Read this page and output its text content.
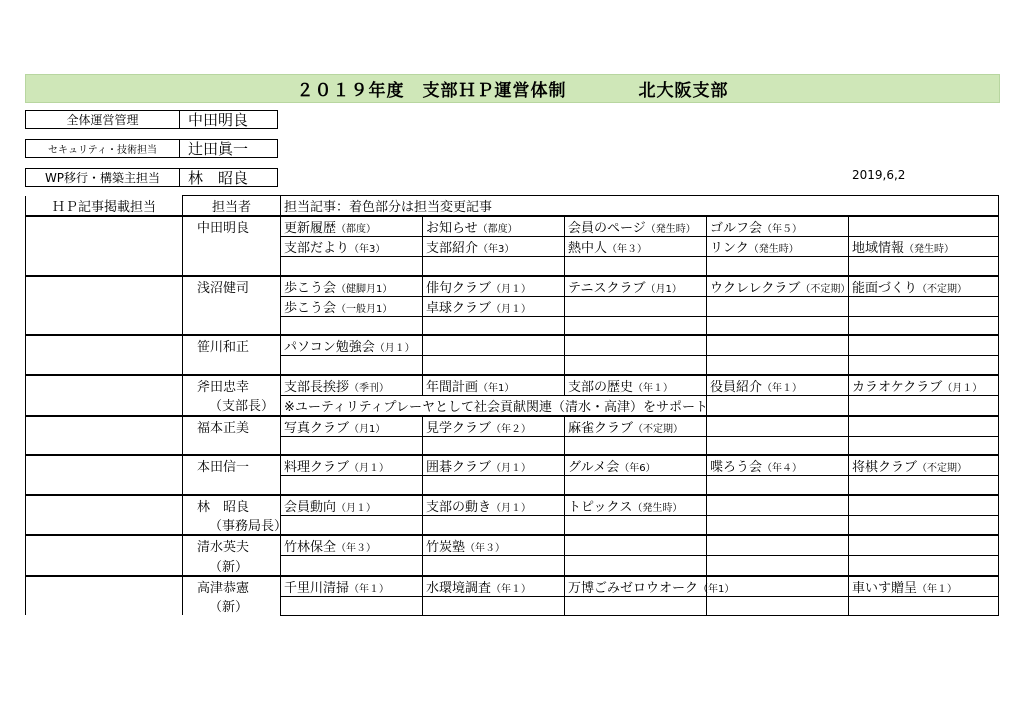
２０１９年度
　 支部ＨＰ運営体制
　　　　	北大阪支部
全体運営管理	中田明良
セキュリティ・技術担当	辻田眞一
WP移行・構築主担当	林　昭良	2019,6,2
ＨＰ記事掲載担当	担当者	担当記事：着色部分は担当変更記事				
	中田明良	更新履歴（都度）	お知らせ（都度）	会員のページ（発生時）	ゴルフ会（年５）	
		支部だより（年3）	支部紹介（年3）	熱中人（年３）	リンク（発生時）	地域情報（発生時）

	浅沼健司	歩こう会（健脚月1）	俳句クラブ（月１）	テニスクラブ（月1）	ウクレレクラブ（不定期）	能面づくり（不定期）
		歩こう会（一般月1）	卓球クラブ（月１）			

	笹川和正	パソコン勉強会（月１）				

	斧田忠幸	支部長挨拶（季刊）	年間計画（年1）	支部の歴史（年１）	役員紹介（年１）	カラオケクラブ（月１）
	（支部長）	※ユーティリティプレーヤとして社会貢献関連（清水・高津）をサポート				
	福本正美	写真クラブ（月1）	見学クラブ（年２）	麻雀クラブ（不定期）		

	本田信一	料理クラブ（月１）	囲碁クラブ（月１）	グルメ会（年6）	喋ろう会（年４）	将棋クラブ（不定期）

	林　昭良	会員動向（月１）	支部の動き（月１）	トピックス（発生時）		
	（事務局長）					
	清水英夫	竹林保全（年３）	竹炭塾（年３）			
	（新）					
	高津恭憲	千里川清掃（年１）	水環境調査（年１）	万博ごみゼロウオーク（年1）		車いす贈呈（年１）
	（新）					
